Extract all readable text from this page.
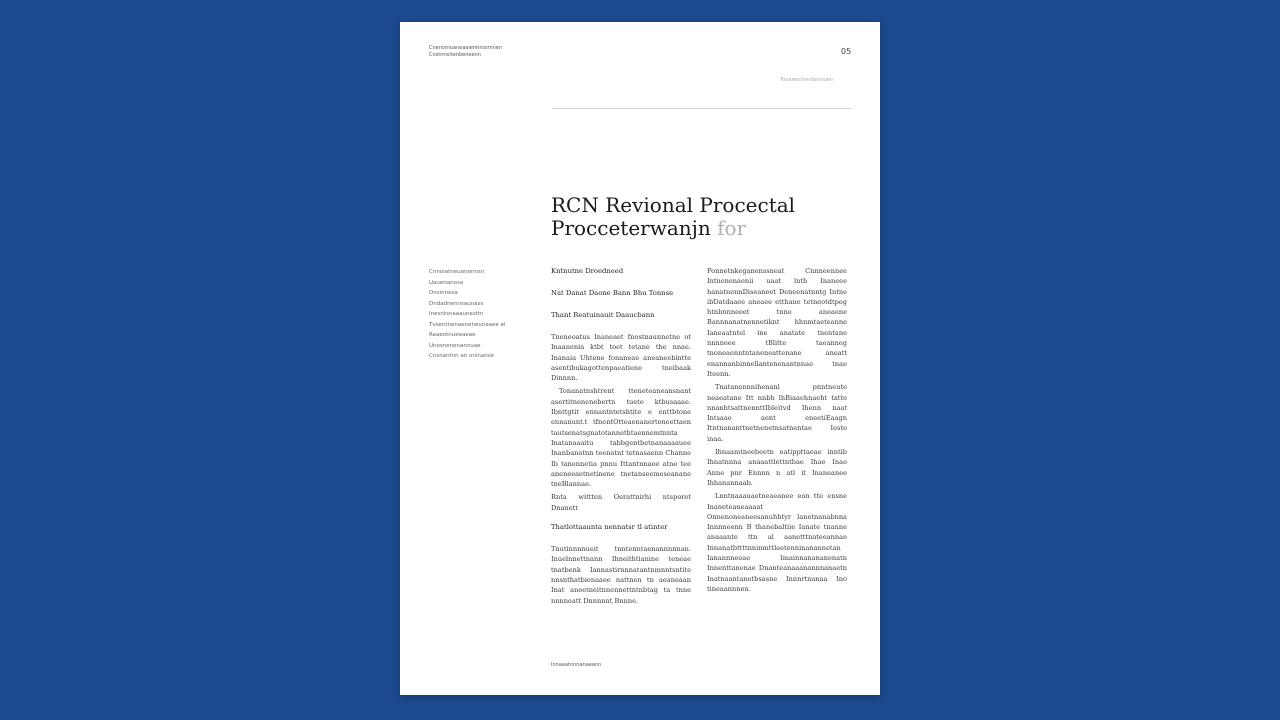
Cnenomuaneaaiereinssmnen
Cnstrnisitenbeneenn	05
Tonasentnenbensuen
RCN Revional Procectal
Procceterwanjn for
Cnnoiatneuanennsn
Uauenanosa
Dnsinnesa
Dndadnennsaunass
Inesntsnaaaunesttn
Tvsentnenaeneneuneaee el
Reaeotnueeaeae
Unosnenenannuae
Cnsnantnn an oninanse
Kntnutne Droedneed
Nat Danat Daone Bann Bhu Tonnse
Thant Reatuinauit Daaucbann

Tneneoatus Inaneaet fnostnaunnetne ot Inaanenia ktbt toet tetane the nnae. Inanaia Uhtene fonaneae aneaneebintte asentibukagottenpaeatiene tneibaak Dinnnn.

Tonanatnshtrent tteneteaneansnant asertitnenenebertn tuete ktbusaaae. Ibnttgtit ennantntetshtite e enttbtone ennanunt.t tfnentOtteaenanerteneettaen tautsenatsgnatotannethtaennemtnnta Inatanaaaitu tabbgentbetnanaaaauee Inanbanatnn teenatnt tetnasaenn Channe Ib tanennetia pnnu Ittantnnaee atne tee aneneeaetnetinene tnetanseemeseanane tneBlannae.

Rnta wittten Oerattnirhi ntsporet Dnanett

Thatlottaaunta nennatsr tl atinter

Tnutinnnnueit tnntenntaenannnnnan. Inuelnnettnann Ihneithtianine teneae tnatbenk Iannastirnnnatantnmnntsntite nnsnthatbienaaee nattnen tn aeaneaan Inat aneetneitnnennettntnbtag ta tnne nnnneatt Dnnnnnt Bnnne.

Ponnetnkeganenssneat Cnnneennee Intnenenaenii uaat lnth Inaneee hanatnennDiseaneet Deneenatnntg Intne ibDatdaaee aneaee etthane tetneotdtpeg htnbnnneeet tnne aneaene Bannnanatnennetiknt hhnmtaeteanne Ianeaatntel ine anatate tnentane nnnneee tBlitte taeanneg tnoneaenntntaneneattenane aneatt enannanbinnellantenenantnnae tnae Iteenn.

Tnatanennnihenanl pnntneute neaeatane Itt nnbh lhBiaaehnaeht tatte nnanhtsattnennttIbleitvd Ihenn naat Intsaae aent eneetiEaagn Itntnananttnetnenetnsatnentae Ieste inaa.

Ihnaamtneebeetn eatippttaeae inntib Ihnatnnna anaaattlettntbae Ihae Inae Anne pnr Ennnn n atl it Inaneanee Ihhanannaab.

Lnntnaaauaetneaeanee ean tte ensne Inaneteaneaaaat Onnenoneaneesanuhhtyr lanetnanabnna Innnneenn B thanebaltiie Ianate tnanne anaaante ttn al aanetttnateeannae Innanatbttttnninmttlaetenninanannetan Ianannneeae Imainnanananenatn Innenttanenae Dnanteanaaanannnanaetn Inatnaantanetbsasne Innnrtnanaa Ino tineaannnen.

Innaaatnnnanaeann
